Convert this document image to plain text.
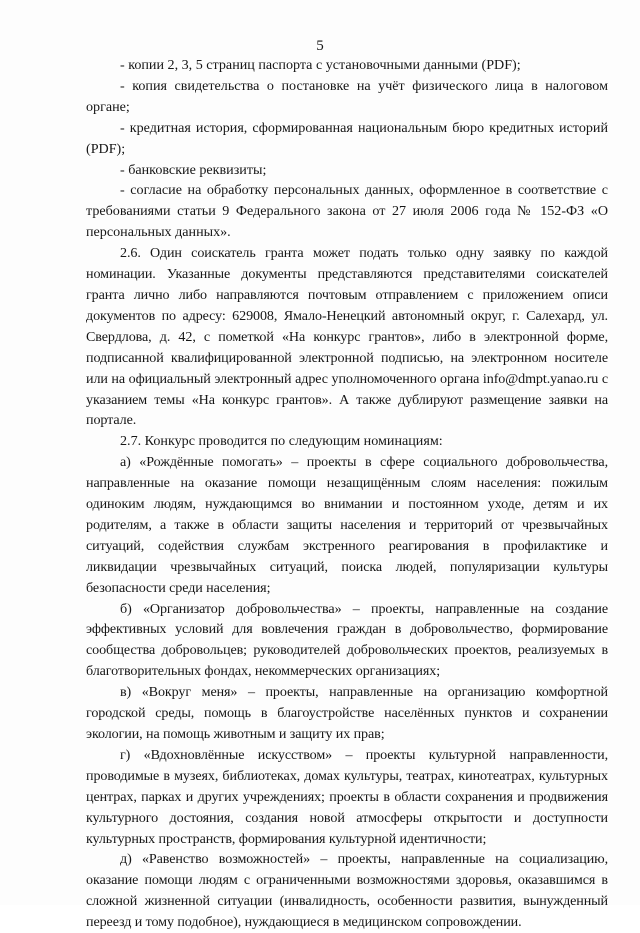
5

- копии 2, 3, 5 страниц паспорта с установочными данными (PDF);

- копия свидетельства о постановке на учёт физического лица в налоговом органе;

- кредитная история, сформированная национальным бюро кредитных историй (PDF);

- банковские реквизиты;

- согласие на обработку персональных данных, оформленное в соответствие с требованиями статьи 9 Федерального закона от 27 июля 2006 года № 152-ФЗ «О персональных данных».

2.6. Один соискатель гранта может подать только одну заявку по каждой номинации. Указанные документы представляются представителями соискателей гранта лично либо направляются почтовым отправлением с приложением описи документов по адресу: 629008, Ямало-Ненецкий автономный округ, г. Салехард, ул. Свердлова, д. 42, с пометкой «На конкурс грантов», либо в электронной форме, подписанной квалифицированной электронной подписью, на электронном носителе или на официальный электронный адрес уполномоченного органа info@dmpt.yanao.ru с указанием темы «На конкурс грантов». А также дублируют размещение заявки на портале.

2.7. Конкурс проводится по следующим номинациям:

а) «Рождённые помогать» – проекты в сфере социального добровольчества, направленные на оказание помощи незащищённым слоям населения: пожилым одиноким людям, нуждающимся во внимании и постоянном уходе, детям и их родителям, а также в области защиты населения и территорий от чрезвычайных ситуаций, содействия службам экстренного реагирования в профилактике и ликвидации чрезвычайных ситуаций, поиска людей, популяризации культуры безопасности среди населения;

б) «Организатор добровольчества» – проекты, направленные на создание эффективных условий для вовлечения граждан в добровольчество, формирование сообщества добровольцев; руководителей добровольческих проектов, реализуемых в благотворительных фондах, некоммерческих организациях;

в) «Вокруг меня» – проекты, направленные на организацию комфортной городской среды, помощь в благоустройстве населённых пунктов и сохранении экологии, на помощь животным и защиту их прав;

г) «Вдохновлённые искусством» – проекты культурной направленности, проводимые в музеях, библиотеках, домах культуры, театрах, кинотеатрах, культурных центрах, парках и других учреждениях; проекты в области сохранения и продвижения культурного достояния, создания новой атмосферы открытости и доступности культурных пространств, формирования культурной идентичности;

д) «Равенство возможностей» – проекты, направленные на социализацию, оказание помощи людям с ограниченными возможностями здоровья, оказавшимся в сложной жизненной ситуации (инвалидность, особенности развития, вынужденный переезд и тому подобное), нуждающиеся в медицинском сопровождении.
